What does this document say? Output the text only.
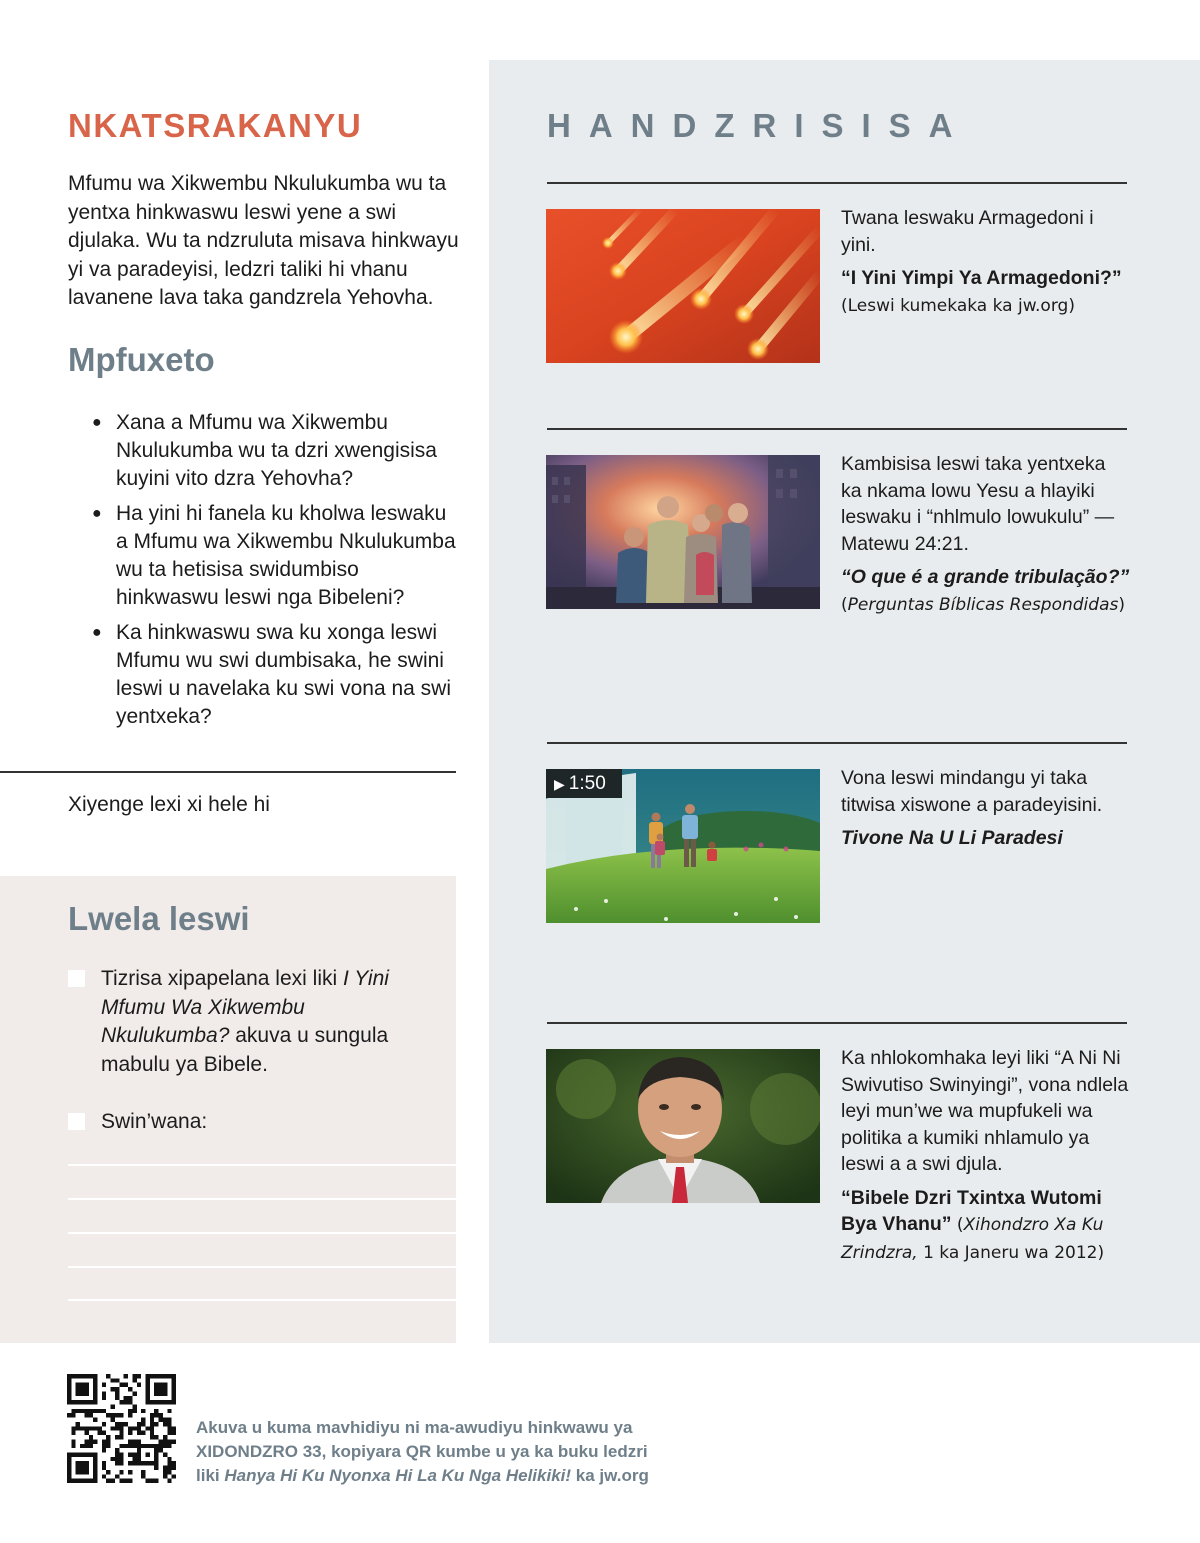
NKATSRAKANYU

Mfumu wa Xikwembu Nkulukumba wu ta yentxa hinkwaswu leswi yene a swi djulaka. Wu ta ndzruluta misava hinkwayu yi va paradeyisi, ledzri taliki hi vhanu lavanene lava taka gandzrela Yehovha.

Mpfuxeto
● Xana a Mfumu wa Xikwembu Nkulukumba wu ta dzri xwengisisa kuyini vito dzra Yehovha?
● Ha yini hi fanela ku kholwa leswaku a Mfumu wa Xikwembu Nkulukumba wu ta hetisisa swidumbiso hinkwaswu leswi nga Bibeleni?
● Ka hinkwaswu swa ku xonga leswi Mfumu wu swi dumbisaka, he swini leswi u navelaka ku swi vona na swi yentxeka?
Xiyenge lexi xi hele hi
Lwela leswi
Tizrisa xipapelana lexi liki I Yini Mfumu Wa Xikwembu Nkulukumba? akuva u sungula mabulu ya Bibele.
Swin’wana:
HANDZRISISA
Twana leswaku Armagedoni i yini.
“I Yini Yimpi Ya Armagedoni?”
(Leswi kumekaka ka jw.org)
Kambisisa leswi taka yentxeka ka nkama lowu Yesu a hlayiki leswaku i “nhlmulo lowukulu” —Matewu 24:21.
“O que é a grande tribulação?”
(Perguntas Bíblicas Respondidas)
▶ 1:50	Vona leswi mindangu yi taka titwisa xiswone a paradeyisini.
Tivone Na U Li Paradesi
Ka nhlokomhaka leyi liki “A Ni Ni Swivutiso Swinyingi”, vona ndlela leyi mun’we wa mupfukeli wa politika a kumiki nhlamulo ya leswi a a swi djula.
“Bibele Dzri Txintxa Wutomi Bya Vhanu” (Xihondzro Xa Ku Zrindzra, 1 ka Janeru wa 2012)
Akuva u kuma mavhidiyu ni ma-awudiyu hinkwawu ya
XIDONDZRO 33, kopiyara QR kumbe u ya ka buku ledzri
liki Hanya Hi Ku Nyonxa Hi La Ku Nga Helikiki! ka jw.org
